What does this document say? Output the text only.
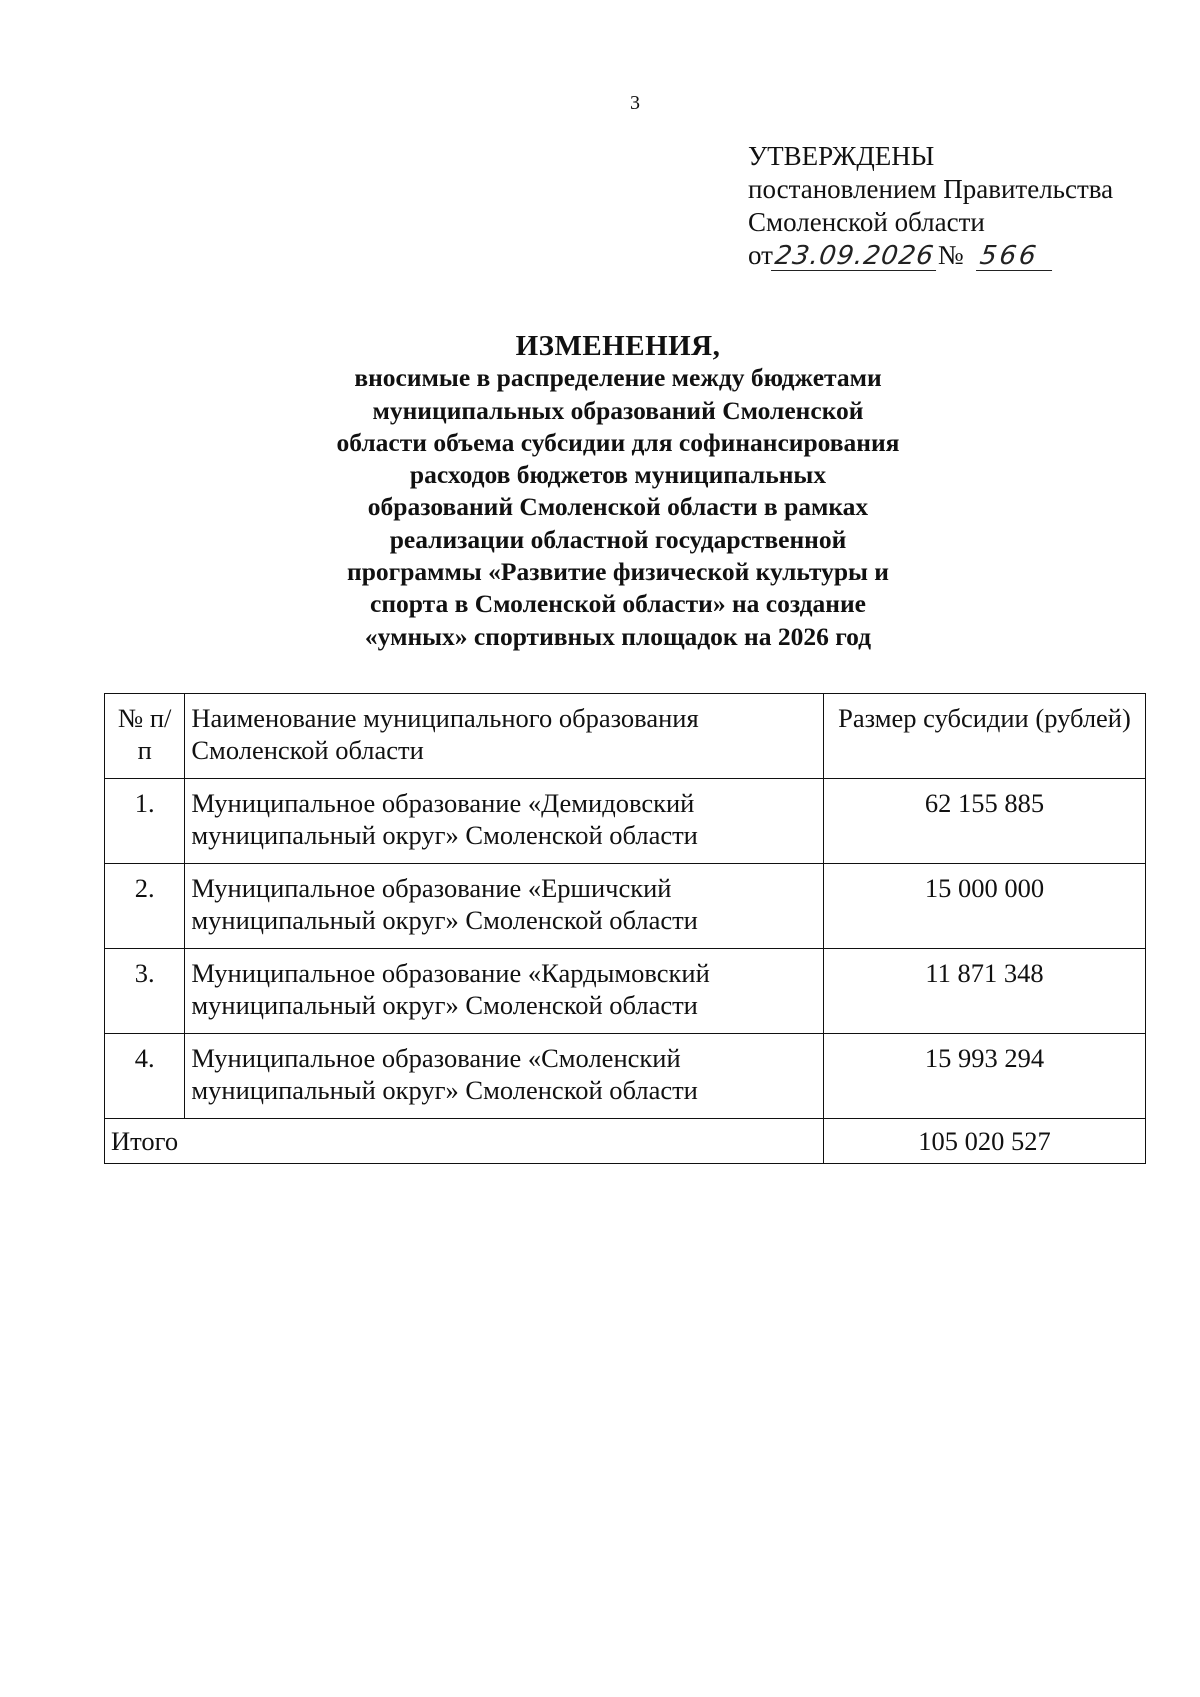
3
УТВЕРЖДЕНЫ
постановлением Правительства
Смоленской области
от23.09.2026№ 566
ИЗМЕНЕНИЯ,
вносимые в распределение между бюджетами
муниципальных образований Смоленской
области объема субсидии для софинансирования
расходов бюджетов муниципальных
образований Смоленской области в рамках
реализации областной государственной
программы «Развитие физической культуры и
спорта в Смоленской области» на создание
«умных» спортивных площадок на 2026 год
№ п/п	Наименование муниципального образования Смоленской области	Размер субсидии (рублей)
1.	Муниципальное образование «Демидовский муниципальный округ» Смоленской области	62 155 885
2.	Муниципальное образование «Ершичский муниципальный округ» Смоленской области	15 000 000
3.	Муниципальное образование «Кардымовский муниципальный округ» Смоленской области	11 871 348
4.	Муниципальное образование «Смоленский муниципальный округ» Смоленской области	15 993 294
Итого		105 020 527
